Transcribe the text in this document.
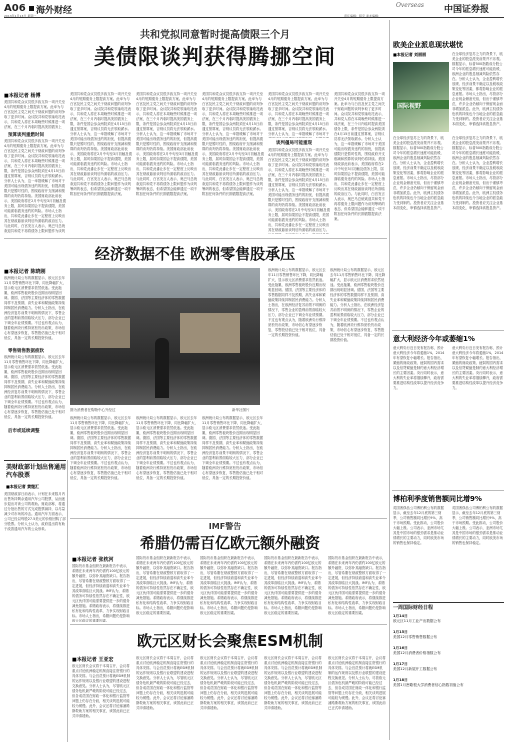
A06 海外财经
2013年1月13日 星期一	责任编辑：程宇 美术编辑：
Overseas 中国证券报
共和党拟同意暂时提高债限三个月
美债限谈判获得腾挪空间
■本报记者 杨博
美国共和党众议员很多致支持一项开关至4月的短期债务上限提高方案。此举为与白宫及民主党之间关于财政问题的谈判争取了更多时间。众议院共和党领袖坎托表示，共和党人将在本周晚些时候推进一项法案，在三个月内临时提高美国债务上
预算谈判重燃时间
美国共和党众议员很多致支持一项开关至4月的短期债务上限提高方案。此举为与白宫及民主党之间关于财政问题的谈判争取了更多时间。众议院共和党领袖坎托表示，共和党人将在本周晚些时候推进一项法案，在三个月内临时提高美国债务上限，条件是国会参众两院须在4月15日前通过预算案，否则议员将无法领取薪水。分析人士认为，这一举措缓解了市场对于美国可能出现债务违约的担忧，但提高债限只是暂时性的，围绕政府开支削减和预算的谈判仍将持续。美国财政部此前表示，美国政府将在2月中旬至3月初触及债务上限，届时如果国会不提高债限，美国可能面临债务违约的风险。市场人士指出，共和党此番让步在一定程度上反映出其在财政悬崖谈判后所面临的政治压力。与此同时，白宫发言人表示，奥巴马总统欢迎共和党不再将债务上限问题作为谈判
美国共和党众议员很多致支持一项开关至4月的短期债务上限提高方案。此举为与白宫及民主党之间关于财政问题的谈判争取了更多时间。众议院共和党领袖坎托表示，共和党人将在本周晚些时候推进一项法案，在三个月内临时提高美国债务上限，条件是国会参众两院须在4月15日前通过预算案，否则议员将无法领取薪水。分析人士认为，这一举措缓解了市场对于美国可能出现债务违约的担忧，但提高债限只是暂时性的，围绕政府开支削减和预算的谈判仍将持续。美国财政部此前表示，美国政府将在2月中旬至3月初触及债务上限，届时如果国会不提高债限，美国可能面临债务违约的风险。市场人士指出，共和党此番让步在一定程度上反映出其在财政悬崖谈判后所面临的政治压力。与此同时，白宫发言人表示，奥巴马总统欢迎共和党不再将债务上限问题作为谈判筹码的表态，但希望国会能够通过一项不附加任何条件的长期债限提高法案。
美国共和党众议员很多致支持一项开关至4月的短期债务上限提高方案。此举为与白宫及民主党之间关于财政问题的谈判争取了更多时间。众议院共和党领袖坎托表示，共和党人将在本周晚些时候推进一项法案，在三个月内临时提高美国债务上限，条件是国会参众两院须在4月15日前通过预算案，否则议员将无法领取薪水。分析人士认为，这一举措缓解了市场对于美国可能出现债务违约的担忧，但提高债限只是暂时性的，围绕政府开支削减和预算的谈判仍将持续。美国财政部此前表示，美国政府将在2月中旬至3月初触及债务上限，届时如果国会不提高债限，美国可能面临债务违约的风险。市场人士指出，共和党此番让步在一定程度上反映出其在财政悬崖谈判后所面临的政治压力。与此同时，白宫发言人表示，奥巴马总统欢迎共和党不再将债务上限问题作为谈判筹码的表态，但希望国会能够通过一项不附加任何条件的长期债限提高法案。
美国共和党众议员很多致支持一项开关至4月的短期债务上限提高方案。此举为与白宫及民主党之间关于财政问题的谈判争取了更多时间。众议院共和党领袖坎托表示，共和党人将在本周晚些时候推进一项法案，在三个月内临时提高美国债务上限，条件是国会参众两院须在4月15日前通过预算案，否则议员将无法领取薪水。分析人士认为，这一举措缓解了市场对于美国可能出现债务违约的担忧，但提高债限只是暂时性的，围绕政府开支削减和预算的谈判仍将持续。美国财政部此前表示，美国政府将在2月中旬至3月初触及债务上限，届时如果国会不提高债限，美国可能面临债务违约的风险。市场人士指出，共和党此番让步在一定程度上反映出其在财政悬崖谈判后所面临的政治压力。与此同时，白宫发言人表示，奥巴马总统欢迎共和党不再将债务上限问题作为谈判筹码的表态，但希望国会能够通过一项不附加任何条件的长期债限提高法案。
谈判僵局可能重现
美国共和党众议员很多致支持一项开关至4月的短期债务上限提高方案。此举为与白宫及民主党之间关于财政问题的谈判争取了更多时间。众议院共和党领袖坎托表示，共和党人将在本周晚些时候推进一项法案，在三个月内临时提高美国债务上限，条件是国会参众两院须在4月15日前通过预算案，否则议员将无法领取薪水。分析人士认为，这一举措缓解了市场对于
美国共和党众议员很多致支持一项开关至4月的短期债务上限提高方案。此举为与白宫及民主党之间关于财政问题的谈判争取了更多时间。众议院共和党领袖坎托表示，共和党人将在本周晚些时候推进一项法案，在三个月内临时提高美国债务上限，条件是国会参众两院须在4月15日前通过预算案，否则议员将无法领取薪水。分析人士认为，这一举措缓解了市场对于美国可能出现债务违约的担忧，但提高债限只是暂时性的，围绕政府开支削减和预算的谈判仍将持续。美国财政部此前表示，美国政府将在2月中旬至3月初触及债务上限，届时如果国会不提高债限，美国可能面临债务违约的风险。市场人士指出，共和党此番让步在一定程度上反映出其在财政悬崖谈判后所面临的政治压力。
美国共和党众议员很多致支持一项开关至4月的短期债务上限提高方案。此举为与白宫及民主党之间关于财政问题的谈判争取了更多时间。众议院共和党领袖坎托表示，共和党人将在本周晚些时候推进一项法案，在三个月内临时提高美国债务上限，条件是国会参众两院须在4月15日前通过预算案，否则议员将无法领取薪水。分析人士认为，这一举措缓解了市场对于美国可能出现债务违约的担忧，但提高债限只是暂时性的，围绕政府开支削减和预算的谈判仍将持续。美国财政部此前表示，美国政府将在2月中旬至3月初触及债务上限，届时如果国会不提高债限，美国可能面临债务违约的风险。市场人士指出，共和党此番让步在一定程度上反映出其在财政悬崖谈判后所面临的政治压力。与此同时，白宫发言人表示，奥巴马总统欢迎共和党不再将债务上限问题作为谈判筹码的表态，但希望国会能够通过一项不附加任何条件的长期债限提高法案。
欧美企业派息现状堪忧
■本报记者 刘丽丽
国际视野
在全球经济复苏乏力的背景下，欧美企业的股息派发前景并不乐观。数据显示，标普500指数成分股公司今年的派息增长速度可能放缓，欧洲企业的股息削减风险依然存在。分析人士认为，企业盈利增长放缓、经济前景不确定以及税收政策变化等因素，都将影响企业的派息意愿。市场人士指出，尽管部分企业现金储备充裕，但出于谨慎考虑，许多企业仍倾向于保留现金而非增加派息。此外，欧洲主权债务危机的持续也令当地企业的派息能力受到制约。投资者应关注企业基本面变化，审慎选择高股息资产。
在全球经济复苏乏力的背景下，欧美企业的股息派发前景并不乐观。数据显示，标普500指数成分股公司今年的派息增长速度可能放缓，欧洲企业的股息削减风险依然存在。分析人士认为，企业盈利增长放缓、经济前景不确定以及税收政策变化等因素，都将影响企业的派息意愿。市场人士指出，尽管部分企业现金储备充裕，但出于谨慎考虑，许多企业仍倾向于保留现金而非增加派息。此外，欧洲主权债务危机的持续也令当地企业的派息能力受到制约。投资者应关注企业基本面变化，审慎选择高股息资产。
在全球经济复苏乏力的背景下，欧美企业的股息派发前景并不乐观。数据显示，标普500指数成分股公司今年的派息增长速度可能放缓，欧洲企业的股息削减风险依然存在。分析人士认为，企业盈利增长放缓、经济前景不确定以及税收政策变化等因素，都将影响企业的派息意愿。市场人士指出，尽管部分企业现金储备充裕，但出于谨慎考虑，许多企业仍倾向于保留现金而非增加派息。此外，欧洲主权债务危机的持续也令当地企业的派息能力受到制约。投资者应关注企业基本面变化，审慎选择高股息资产。
经济数据不佳 欧洲零售股承压
■本报记者 陈晓刚
欧洲统计局公布的数据显示，欧元区去年11月零售销售环比下降，同比降幅扩大，显示欧元区消费需求依然低迷。受此拖累，欧洲零售板块股价近期出现明显回调。德国、法国等主要经济体的零售数据同样不及预期，高失业率和紧缩政策持续抑制居民消费能力。分析人士指出，在欧洲经济复苏前景不明朗的情况下，零售企业的盈利前景面临较大压力，部分企业已下调全年业绩预期。不过也有观点认为，随着欧洲央行维持宽松货币政策，市场信心有望逐步恢复，零售股估值已处于相对低位，具备一定的长期投资价值。
零售销售数据疲软
欧洲统计局公布的数据显示，欧元区去年11月零售销售环比下降，同比降幅扩大，显示欧元区消费需求依然低迷。受此拖累，欧洲零售板块股价近期出现明显回调。德国、法国等主要经济体的零售数据同样不及预期，高失业率和紧缩政策持续抑制居民消费能力。分析人士指出，在欧洲经济复苏前景不明朗的情况下，零售企业的盈利前景面临较大压力，部分企业已下调全年业绩预期。不过也有观点认为，随着欧洲央行维持宽松货币政策，市场信心有望逐步恢复，零售股估值已处于相对低位，具备一定的长期投资价值。
后市或延续调整
图为消费者在购物中心外经过	新华社图片
欧洲统计局公布的数据显示，欧元区去年11月零售销售环比下降，同比降幅扩大，显示欧元区消费需求依然低迷。受此拖累，欧洲零售板块股价近期出现明显回调。德国、法国等主要经济体的零售数据同样不及预期，高失业率和紧缩政策持续抑制居民消费能力。分析人士指出，在欧洲经济复苏前景不明朗的情况下，零售企业的盈利前景面临较大压力，部分企业已下调全年业绩预期。不过也有观点认为，随着欧洲央行维持宽松货币政策，市场信心有望逐步恢复，零售股估值已处于相对低位，具备一定的长期投资价值。
欧洲统计局公布的数据显示，欧元区去年11月零售销售环比下降，同比降幅扩大，显示欧元区消费需求依然低迷。受此拖累，欧洲零售板块股价近期出现明显回调。德国、法国等主要经济体的零售数据同样不及预期，高失业率和紧缩政策持续抑制居民消费能力。分析人士指出，在欧洲经济复苏前景不明朗的情况下，零售企业的盈利前景面临较大压力，部分企业已下调全年业绩预期。不过也有观点认为，随着欧洲央行维持宽松货币政策，市场信心有望逐步恢复，零售股估值已处于相对低位，具备一定的长期投资价值。
欧洲统计局公布的数据显示，欧元区去年11月零售销售环比下降，同比降幅扩大，显示欧元区消费需求依然低迷。受此拖累，欧洲零售板块股价近期出现明显回调。德国、法国等主要经济体的零售数据同样不及预期，高失业率和紧缩政策持续抑制居民消费能力。分析人士指出，在欧洲经济复苏前景不明朗的情况下，零售企业的盈利前景面临较大压力，部分企业已下调全年业绩预期。不过也有观点认为，随着欧洲央行维持宽松货币政策，市场信心有望逐步恢复，零售股估值已处于相对低位，具备一定的长期投资价值。
欧洲统计局公布的数据显示，欧元区去年11月零售销售环比下降，同比降幅扩大，显示欧元区消费需求依然低迷。受此拖累，欧洲零售板块股价近期出现明显回调。德国、法国等主要经济体的零售数据同样不及预期，高失业率和紧缩政策持续抑制居民消费能力。分析人士指出，在欧洲经济复苏前景不明朗的情况下，零售企业的盈利前景面临较大压力，部分企业已下调全年业绩预期。不过也有观点认为，随着欧洲央行维持宽松货币政策，市场信心有望逐步恢复，零售股估值已处于相对低位，具备一定的长期投资价值。
欧洲统计局公布的数据显示，欧元区去年11月零售销售环比下降，同比降幅扩大，显示欧元区消费需求依然低迷。受此拖累，欧洲零售板块股价近期出现明显回调。德国、法国等主要经济体的零售数据同样不及预期，高失业率和紧缩政策持续抑制居民消费能力。分析人士指出，在欧洲经济复苏前景不明朗的情况下，零售企业的盈利前景面临较大压力，部分企业已下调全年业绩预期。不过也有观点认为，随着欧洲央行维持宽松货币政策，市场信心有望逐步恢复，零售股估值已处于相对低位，具备一定的长期投资价值。	意大利经济今年或萎缩1%
意大利央行近日发布报告称，预计意大利经济今年将萎缩1%，2014年有望恢复小幅增长。报告指出，紧缩的财政政策、疲弱的国内需求以及信贷紧缩是制约意大利经济增长的主要因素。央行同时表示，意大利的失业率将继续攀升，政府需要推进结构性改革以提升经济竞争力。
意大利央行近日发布报告称，预计意大利经济今年将萎缩1%，2014年有望恢复小幅增长。报告指出，紧缩的财政政策、疲弱的国内需求以及信贷紧缩是制约意大利经济增长的主要因素。央行同时表示，意大利的失业率将继续攀升，政府需要推进结构性改革以提升经济竞争力。
博柏利季度销售额同比增9%
英国奢侈品公司博柏利公布的数据显示，截至去年12月底的第三财季，公司销售额同比增长9%，高于市场预期。受此推动，公司股价大幅上涨。公司表示，亚洲市场尤其是中国市场的强劲需求是推动业绩增长的主要动力，同时欧美市场的销售也保持稳定。
英国奢侈品公司博柏利公布的数据显示，截至去年12月底的第三财季，公司销售额同比增长9%，高于市场预期。受此推动，公司股价大幅上涨。公司表示，亚洲市场尤其是中国市场的强劲需求是推动业绩增长的主要动力，同时欧美市场的销售也保持稳定。
一周国际财经日程
1月14日
欧元区11月工业产出数据公布
1月15日
美国12月零售销售数据公布
1月16日
美国12月消费者价格指数公布
1月17日
美国12月新屋开工数据公布
1月18日
美国1月密歇根大学消费者信心指数初值公布
美财政部计划出售通用汽车股票
■本报记者 黄继汇
美国财政部日前表示，计划在未来数月内出售所持剩余通用汽车公司股票，从而逐步退出对该公司的救助。财政部称，将通过分批出售的方式完成股票减持，以尽量减少对市场的冲击。通用汽车方面表示，公司已经以每股27.5美元的价格回购了部分股票。分析人士认为，政府退出将有助于改善通用汽车的公众形象。	IMF警告
希腊仍需百亿欧元额外融资
■本报记者 张枕河
国际货币基金组织在最新报告中表示，希腊在未来两年内仍需约100亿欧元的额外融资，以弥补其融资缺口。报告指出，尽管希腊在财政整顿方面取得了一定进展，但经济持续衰退和高失业率令其改革面临巨大挑战。IMF认为，希腊的债务可持续性依然存在不确定性，欧元区伙伴国可能需要提供进一步的债务减免措施。希腊政府表示，将继续推进私有化和结构性改革，力争实现财政目标。市场人士指出，希腊问题仍是影响欧元区稳定的重要因素。
国际货币基金组织在最新报告中表示，希腊在未来两年内仍需约100亿欧元的额外融资，以弥补其融资缺口。报告指出，尽管希腊在财政整顿方面取得了一定进展，但经济持续衰退和高失业率令其改革面临巨大挑战。IMF认为，希腊的债务可持续性依然存在不确定性，欧元区伙伴国可能需要提供进一步的债务减免措施。希腊政府表示，将继续推进私有化和结构性改革，力争实现财政目标。市场人士指出，希腊问题仍是影响欧元区稳定的重要因素。
国际货币基金组织在最新报告中表示，希腊在未来两年内仍需约100亿欧元的额外融资，以弥补其融资缺口。报告指出，尽管希腊在财政整顿方面取得了一定进展，但经济持续衰退和高失业率令其改革面临巨大挑战。IMF认为，希腊的债务可持续性依然存在不确定性，欧元区伙伴国可能需要提供进一步的债务减免措施。希腊政府表示，将继续推进私有化和结构性改革，力争实现财政目标。市场人士指出，希腊问题仍是影响欧元区稳定的重要因素。
国际货币基金组织在最新报告中表示，希腊在未来两年内仍需约100亿欧元的额外融资，以弥补其融资缺口。报告指出，尽管希腊在财政整顿方面取得了一定进展，但经济持续衰退和高失业率令其改革面临巨大挑战。IMF认为，希腊的债务可持续性依然存在不确定性，欧元区伙伴国可能需要提供进一步的债务减免措施。希腊政府表示，将继续推进私有化和结构性改革，力争实现财政目标。市场人士指出，希腊问题仍是影响欧元区稳定的重要因素。
国际货币基金组织在最新报告中表示，希腊在未来两年内仍需约100亿欧元的额外融资，以弥补其融资缺口。报告指出，尽管希腊在财政整顿方面取得了一定进展，但经济持续衰退和高失业率令其改革面临巨大挑战。IMF认为，希腊的债务可持续性依然存在不确定性，欧元区伙伴国可能需要提供进一步的债务减免措施。希腊政府表示，将继续推进私有化和结构性改革，力争实现财政目标。市场人士指出，希腊问题仍是影响欧元区稳定的重要因素。
欧元区财长会聚焦ESM机制
■本报记者 王亚宏
欧元区财长会议将于本周召开，会议将重点讨论欧洲稳定机制直接注资银行的具体安排。与会官员预计将就ESM机制的运作规则以及银行业联盟的建设进程交换意见。分析人士认为，尽管欧元区债务危机最严峻的阶段可能已经过去，但各成员国在财政一体化和银行监管等问题上仍存在分歧，相关谈判进展可能较为缓慢。此外，会议还将讨论塞浦路斯救助方案的相关事宜，该国此前已正式申请援助。
欧元区财长会议将于本周召开，会议将重点讨论欧洲稳定机制直接注资银行的具体安排。与会官员预计将就ESM机制的运作规则以及银行业联盟的建设进程交换意见。分析人士认为，尽管欧元区债务危机最严峻的阶段可能已经过去，但各成员国在财政一体化和银行监管等问题上仍存在分歧，相关谈判进展可能较为缓慢。此外，会议还将讨论塞浦路斯救助方案的相关事宜，该国此前已正式申请援助。
欧元区财长会议将于本周召开，会议将重点讨论欧洲稳定机制直接注资银行的具体安排。与会官员预计将就ESM机制的运作规则以及银行业联盟的建设进程交换意见。分析人士认为，尽管欧元区债务危机最严峻的阶段可能已经过去，但各成员国在财政一体化和银行监管等问题上仍存在分歧，相关谈判进展可能较为缓慢。此外，会议还将讨论塞浦路斯救助方案的相关事宜，该国此前已正式申请援助。
欧元区财长会议将于本周召开，会议将重点讨论欧洲稳定机制直接注资银行的具体安排。与会官员预计将就ESM机制的运作规则以及银行业联盟的建设进程交换意见。分析人士认为，尽管欧元区债务危机最严峻的阶段可能已经过去，但各成员国在财政一体化和银行监管等问题上仍存在分歧，相关谈判进展可能较为缓慢。此外，会议还将讨论塞浦路斯救助方案的相关事宜，该国此前已正式申请援助。
欧元区财长会议将于本周召开，会议将重点讨论欧洲稳定机制直接注资银行的具体安排。与会官员预计将就ESM机制的运作规则以及银行业联盟的建设进程交换意见。分析人士认为，尽管欧元区债务危机最严峻的阶段可能已经过去，但各成员国在财政一体化和银行监管等问题上仍存在分歧，相关谈判进展可能较为缓慢。此外，会议还将讨论塞浦路斯救助方案的相关事宜，该国此前已正式申请援助。
